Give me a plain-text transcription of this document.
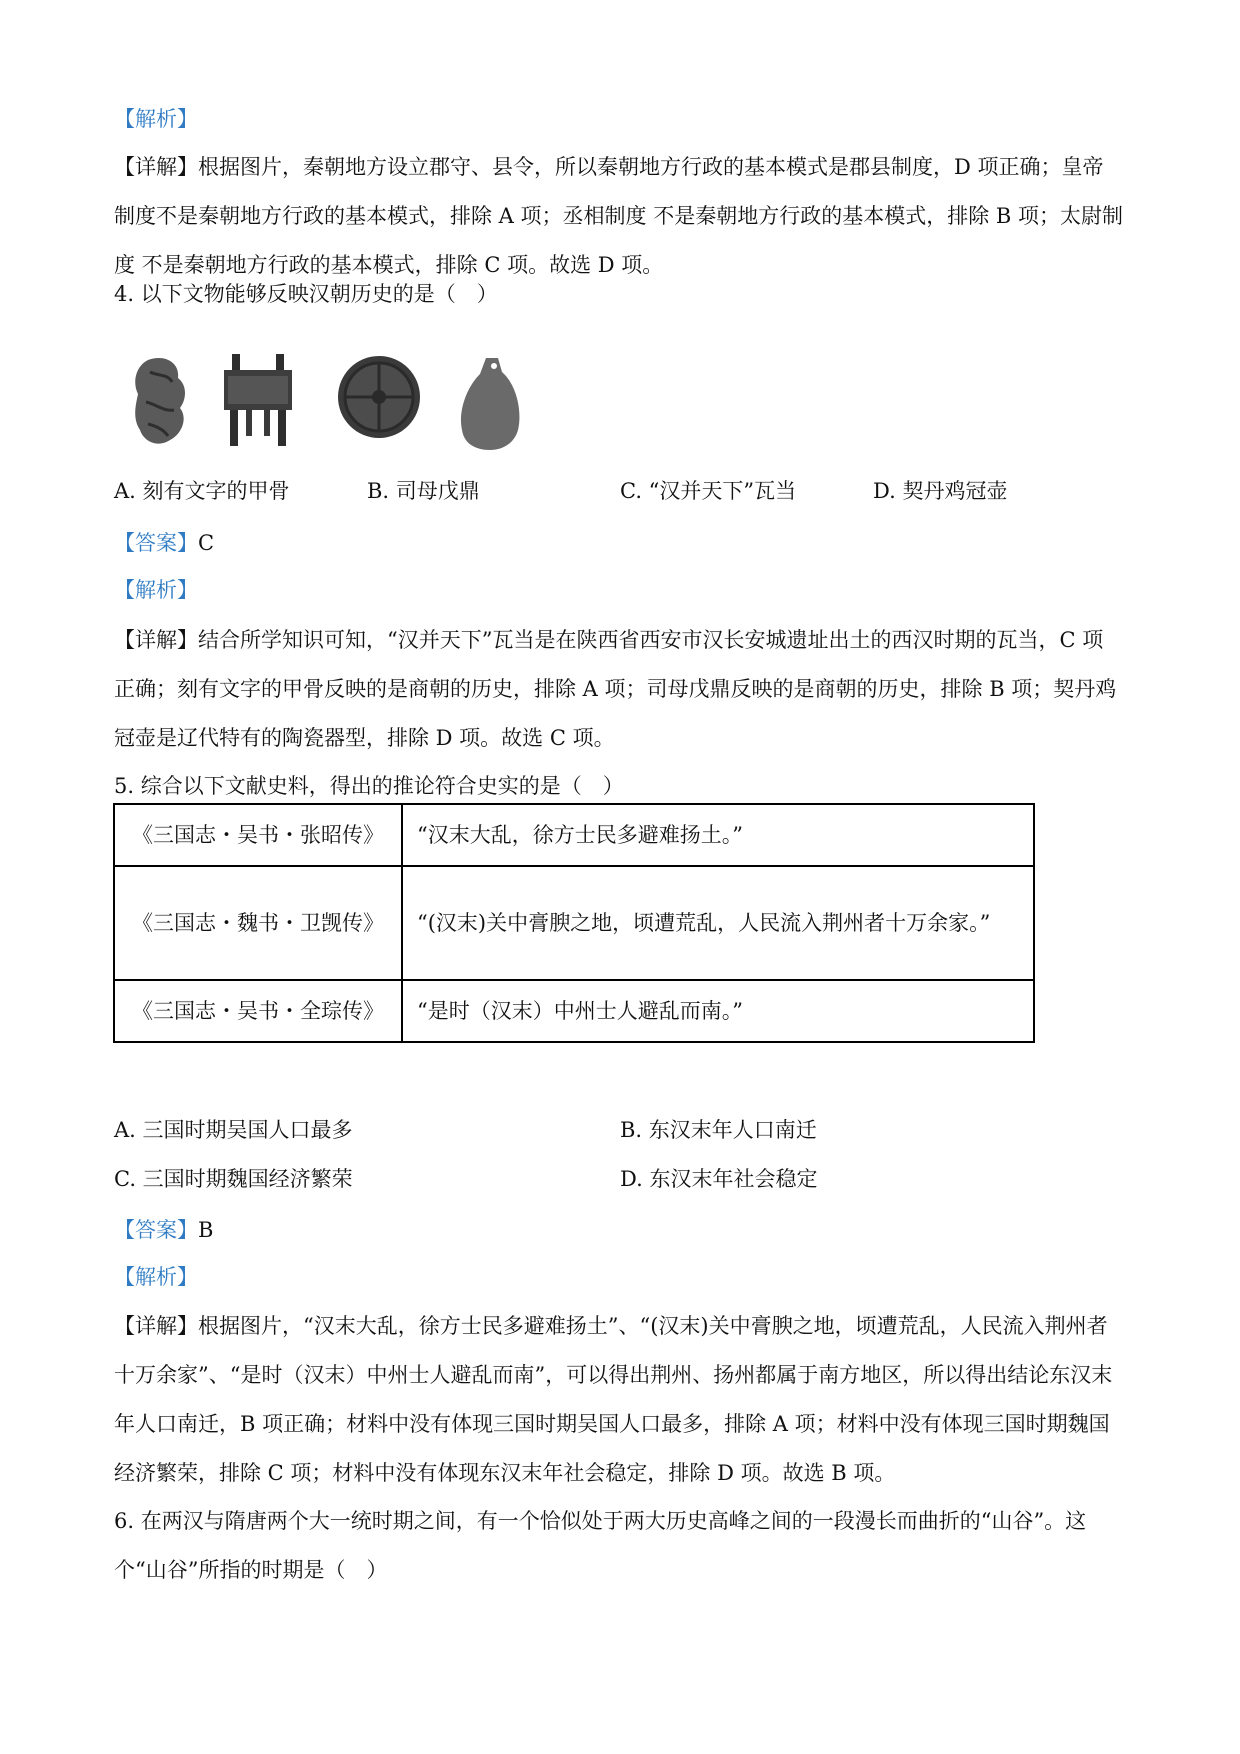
【解析】
【详解】根据图片，秦朝地方设立郡守、县令，所以秦朝地方行政的基本模式是郡县制度，D 项正确；皇帝制度不是秦朝地方行政的基本模式，排除 A 项；丞相制度 不是秦朝地方行政的基本模式，排除 B 项；太尉制度 不是秦朝地方行政的基本模式，排除 C 项。故选 D 项。
4. 以下文物能够反映汉朝历史的是（　）
A. 刻有文字的甲骨	B. 司母戊鼎	C. “汉并天下”瓦当	D. 契丹鸡冠壶
【答案】C
【解析】
【详解】结合所学知识可知，“汉并天下”瓦当是在陕西省西安市汉长安城遗址出土的西汉时期的瓦当，C 项正确；刻有文字的甲骨反映的是商朝的历史，排除 A 项；司母戊鼎反映的是商朝的历史，排除 B 项；契丹鸡冠壶是辽代特有的陶瓷器型，排除 D 项。故选 C 项。
5. 综合以下文献史料，得出的推论符合史实的是（　）
《三国志・吴书・张昭传》	“汉末大乱，徐方士民多避难扬土。”
《三国志・魏书・卫觊传》	“(汉末)关中膏腴之地，顷遭荒乱，人民流入荆州者十万余家。”
《三国志・吴书・全琮传》	“是时（汉末）中州士人避乱而南。”
A. 三国时期吴国人口最多	B. 东汉末年人口南迁
C. 三国时期魏国经济繁荣	D. 东汉末年社会稳定
【答案】B
【解析】
【详解】根据图片，“汉末大乱，徐方士民多避难扬土”、“(汉末)关中膏腴之地，顷遭荒乱，人民流入荆州者十万余家”、“是时（汉末）中州士人避乱而南”，可以得出荆州、扬州都属于南方地区，所以得出结论东汉末年人口南迁，B 项正确；材料中没有体现三国时期吴国人口最多，排除 A 项；材料中没有体现三国时期魏国经济繁荣，排除 C 项；材料中没有体现东汉末年社会稳定，排除 D 项。故选 B 项。
6. 在两汉与隋唐两个大一统时期之间，有一个恰似处于两大历史高峰之间的一段漫长而曲折的“山谷”。这个“山谷”所指的时期是（　）
